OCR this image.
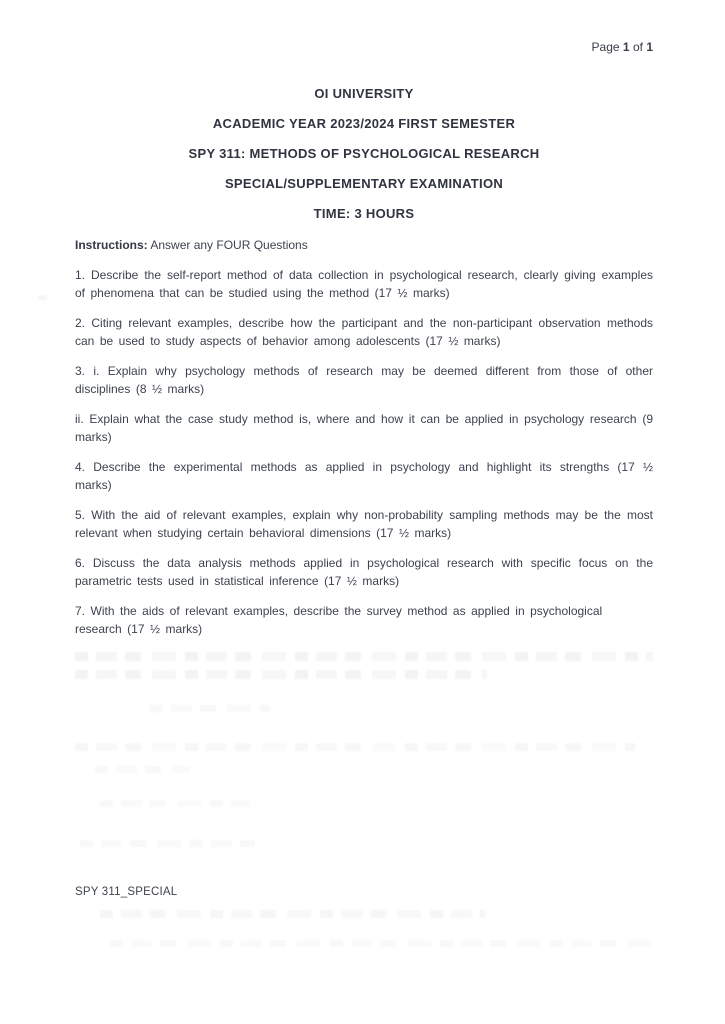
Page 1 of 1

OI UNIVERSITY

ACADEMIC YEAR 2023/2024 FIRST SEMESTER

SPY 311: METHODS OF PSYCHOLOGICAL RESEARCH

SPECIAL/SUPPLEMENTARY EXAMINATION

TIME: 3 HOURS

Instructions: Answer any FOUR Questions

1. Describe the self-report method of data collection in psychological research, clearly giving examples of phenomena that can be studied using the method (17 ½ marks)

2. Citing relevant examples, describe how the participant and the non-participant observation methods can be used to study aspects of behavior among adolescents (17 ½ marks)

3. i. Explain why psychology methods of research may be deemed different from those of other disciplines (8 ½ marks)

ii. Explain what the case study method is, where and how it can be applied in psychology research (9 marks)

4. Describe the experimental methods as applied in psychology and highlight its strengths (17 ½ marks)

5. With the aid of relevant examples, explain why non-probability sampling methods may be the most relevant when studying certain behavioral dimensions (17 ½ marks)

6. Discuss the data analysis methods applied in psychological research with specific focus on the parametric tests used in statistical inference (17 ½ marks)

7. With the aids of relevant examples, describe the survey method as applied in psychological research (17 ½ marks)

SPY 311_SPECIAL
